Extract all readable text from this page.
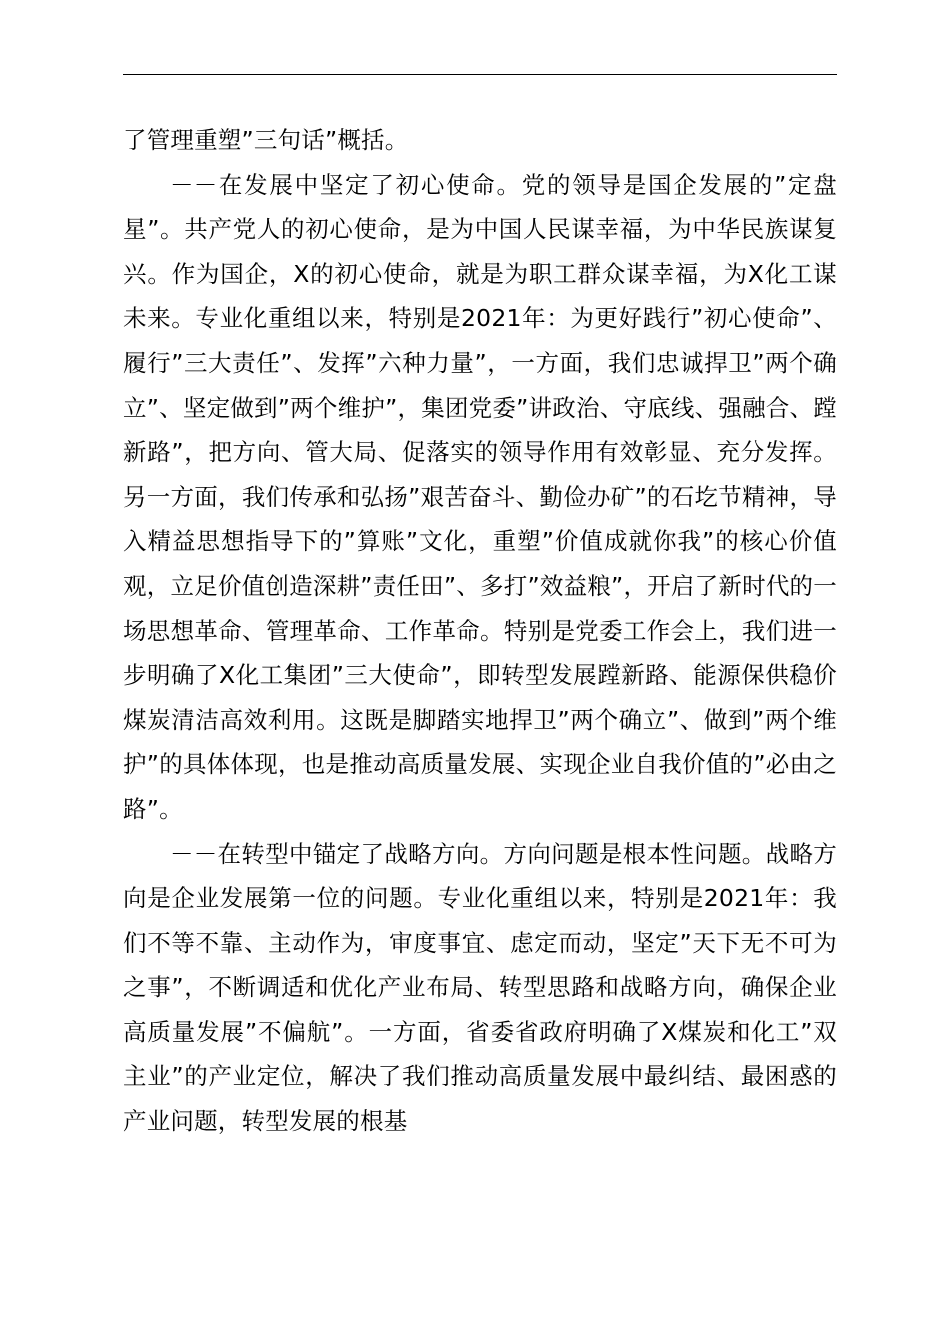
了管理重塑”三句话”概括。

－－在发展中坚定了初心使命。党的领导是国企发展的”定盘星”。共产党人的初心使命，是为中国人民谋幸福，为中华民族谋复兴。作为国企，X的初心使命，就是为职工群众谋幸福，为X化工谋未来。专业化重组以来，特别是2021年：为更好践行”初心使命”、履行”三大责任”、发挥”六种力量”，一方面，我们忠诚捍卫”两个确立”、坚定做到”两个维护”，集团党委”讲政治、守底线、强融合、蹚新路”，把方向、管大局、促落实的领导作用有效彰显、充分发挥。另一方面，我们传承和弘扬”艰苦奋斗、勤俭办矿”的石圪节精神，导入精益思想指导下的”算账”文化，重塑”价值成就你我”的核心价值观，立足价值创造深耕”责任田”、多打”效益粮”，开启了新时代的一场思想革命、管理革命、工作革命。特别是党委工作会上，我们进一步明确了X化工集团”三大使命”，即转型发展蹚新路、能源保供稳价煤炭清洁高效利用。这既是脚踏实地捍卫”两个确立”、做到”两个维护”的具体体现，也是推动高质量发展、实现企业自我价值的”必由之路”。

－－在转型中锚定了战略方向。方向问题是根本性问题。战略方向是企业发展第一位的问题。专业化重组以来，特别是2021年：我们不等不靠、主动作为，审度事宜、虑定而动，坚定”天下无不可为之事”，不断调适和优化产业布局、转型思路和战略方向，确保企业高质量发展”不偏航”。一方面，省委省政府明确了X煤炭和化工”双主业”的产业定位，解决了我们推动高质量发展中最纠结、最困惑的产业问题，转型发展的根基
